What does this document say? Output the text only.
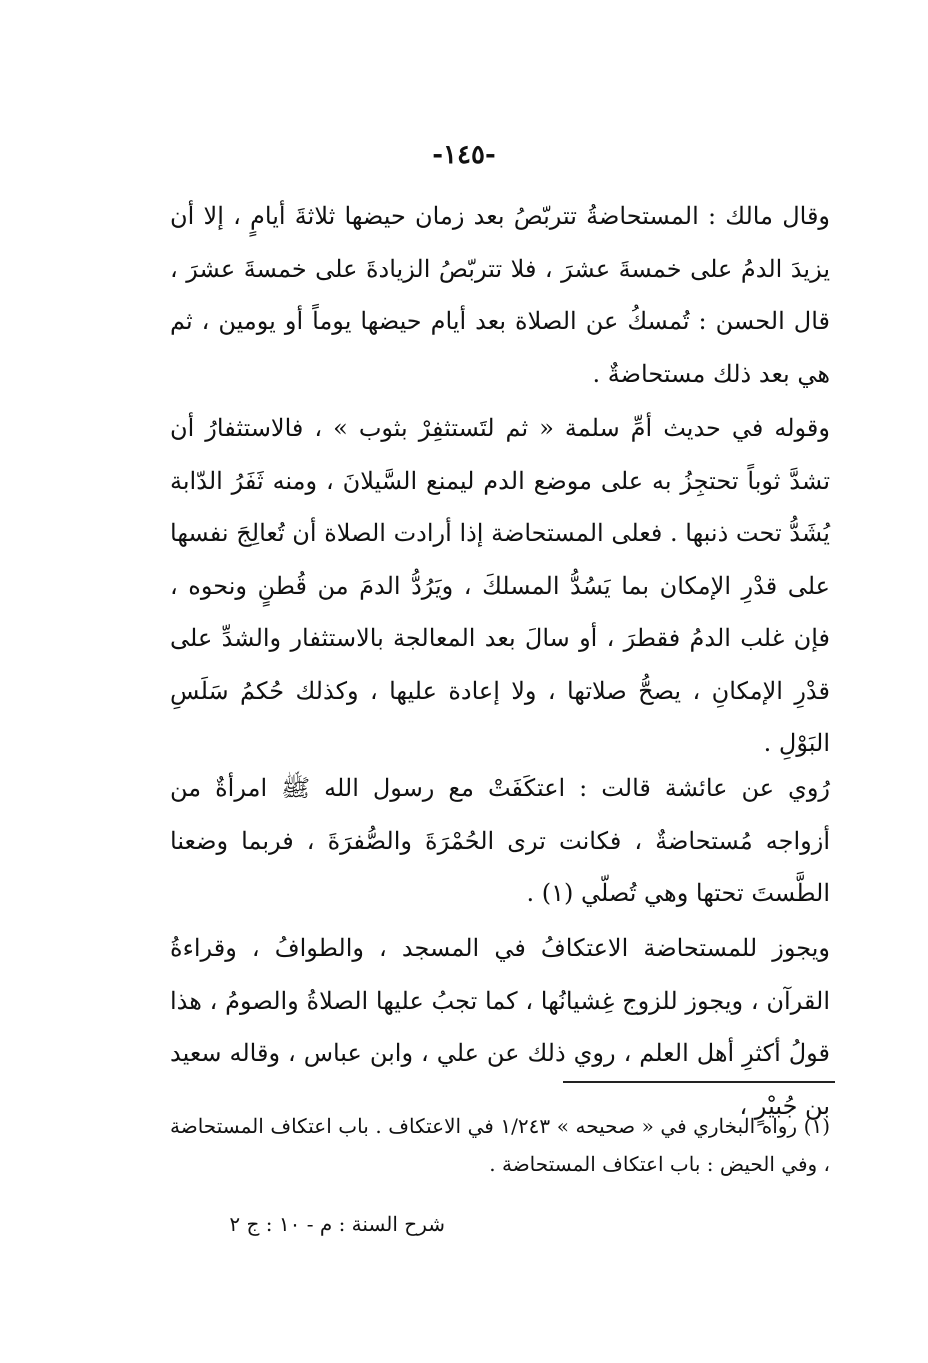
-١٤٥-

وقال مالك : المستحاضةُ تتربّصُ بعد زمان حيضها ثلاثةَ أيامٍ ، إلا أن يزيدَ الدمُ على خمسةَ عشرَ ، فلا تتربّصُ الزيادةَ على خمسةَ عشرَ ، قال الحسن : تُمسكُ عن الصلاة بعد أيام حيضها يوماً أو يومين ، ثم هي بعد ذلك مستحاضةٌ .

وقوله في حديث أمِّ سلمة « ثم لتَستثفِرْ بثوب » ، فالاستثفارُ أن تشدَّ ثوباً تحتجِزُ به على موضع الدم ليمنع السَّيلانَ ، ومنه ثَفَرُ الدّابة يُشَدُّ تحت ذنبها . فعلى المستحاضة إذا أرادت الصلاة أن تُعالِجَ نفسها على قدْرِ الإمكان بما يَسُدُّ المسلكَ ، ويَرُدُّ الدمَ من قُطنٍ ونحوه ، فإن غلب الدمُ فقطرَ ، أو سالَ بعد المعالجة بالاستثفار والشدِّ على قدْرِ الإمكانِ ، يصحُّ صلاتها ، ولا إعادة عليها ، وكذلك حُكمُ سَلَسِ البَوْلِ .

رُوي عن عائشة قالت : اعتكَفَتْ مع رسول الله ﷺ امرأةٌ من أزواجه مُستحاضةٌ ، فكانت ترى الحُمْرَةَ والصُّفرَةَ ، فربما وضعنا الطَّستَ تحتها وهي تُصلّي (١) .

ويجوز للمستحاضة الاعتكافُ في المسجد ، والطوافُ ، وقراءةُ القرآن ، ويجوز للزوج غِشيانُها ، كما تجبُ عليها الصلاةُ والصومُ ، هذا قولُ أكثرِ أهل العلم ، روي ذلك عن علي ، وابن عباس ، وقاله سعيد بن جُبيْرٍ ،

(١) رواه البخاري في « صحيحه » ١/٢٤٣ في الاعتكاف . باب اعتكاف المستحاضة ، وفي الحيض : باب اعتكاف المستحاضة .

شرح السنة : م - ١٠ : ج ٢
